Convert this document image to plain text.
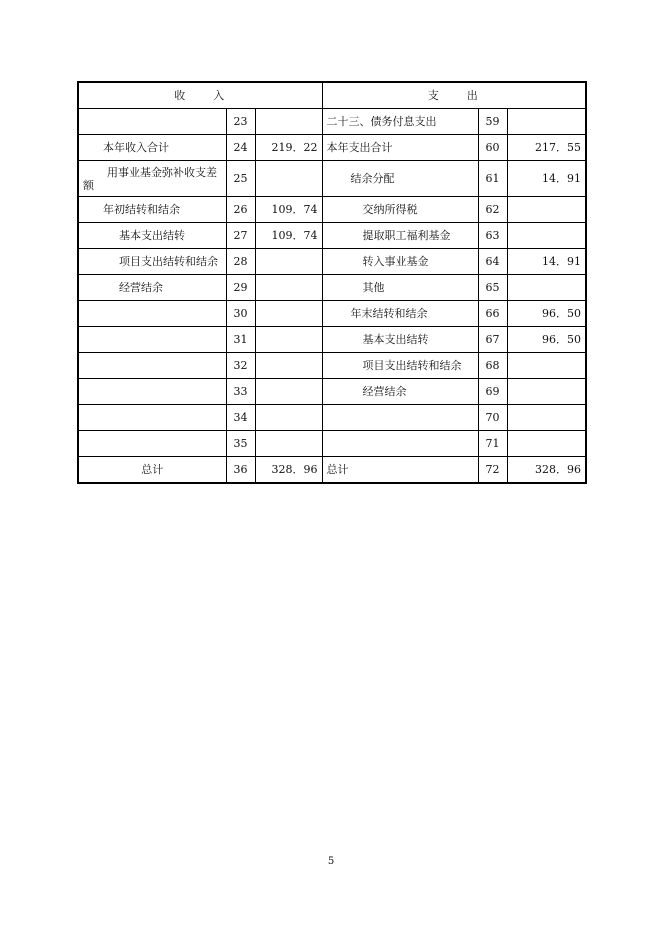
收　　入			支　　出		
	23		二十三、债务付息支出	59	
本年收入合计	24	219．22	本年支出合计	60	217．55
用事业基金弥补收支差额	25		结余分配	61	14．91
年初结转和结余	26	109．74	交纳所得税	62	
基本支出结转	27	109．74	提取职工福利基金	63	
项目支出结转和结余	28		转入事业基金	64	14．91
经营结余	29		其他	65	
	30		年末结转和结余	66	96．50
	31		基本支出结转	67	96．50
	32		项目支出结转和结余	68	
	33		经营结余	69	
	34			70	
	35			71	
总计	36	328．96	总计	72	328．96
5
